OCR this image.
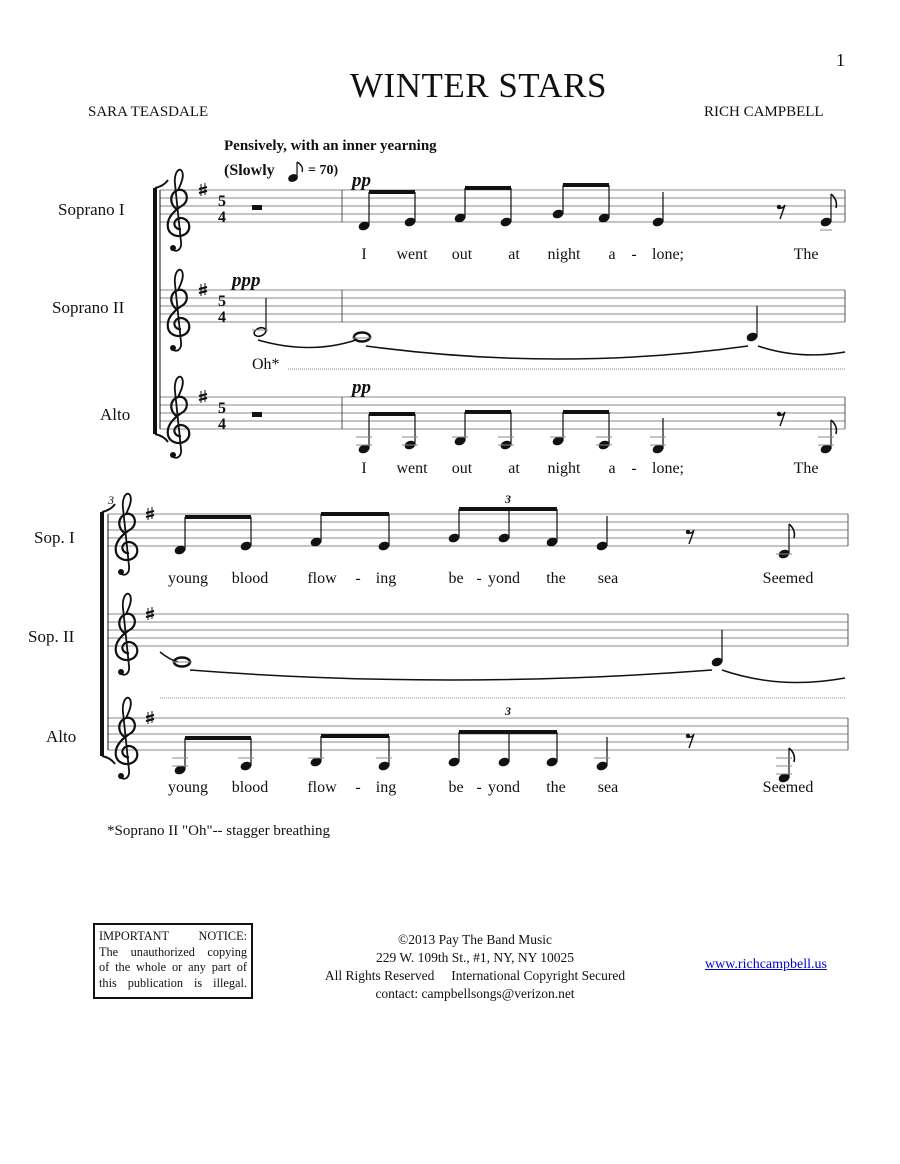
1
WINTER STARS
SARA TEASDALE	RICH CAMPBELL
Pensively, with an inner yearning
(Slowly = 70)
Soprano I
Soprano II
Alto
Sop. I
Sop. II
Alto
5
4
5
4
5
4
pp
ppp
pp
Oh*
I went out at night a - lone;	The
I went out at night a - lone;	The
3	3
3
young blood flow - ing	be - yond the sea	Seemed
young blood flow - ing	be - yond the sea	Seemed
*Soprano II "Oh"-- stagger breathing
IMPORTANT NOTICE:
The unauthorized copying
of the whole or any part of
this publication is illegal.
©2013 Pay The Band Music
229 W. 109th St., #1, NY, NY 10025
All Rights Reserved     International Copyright Secured
contact: campbellsongs@verizon.net
www.richcampbell.us
